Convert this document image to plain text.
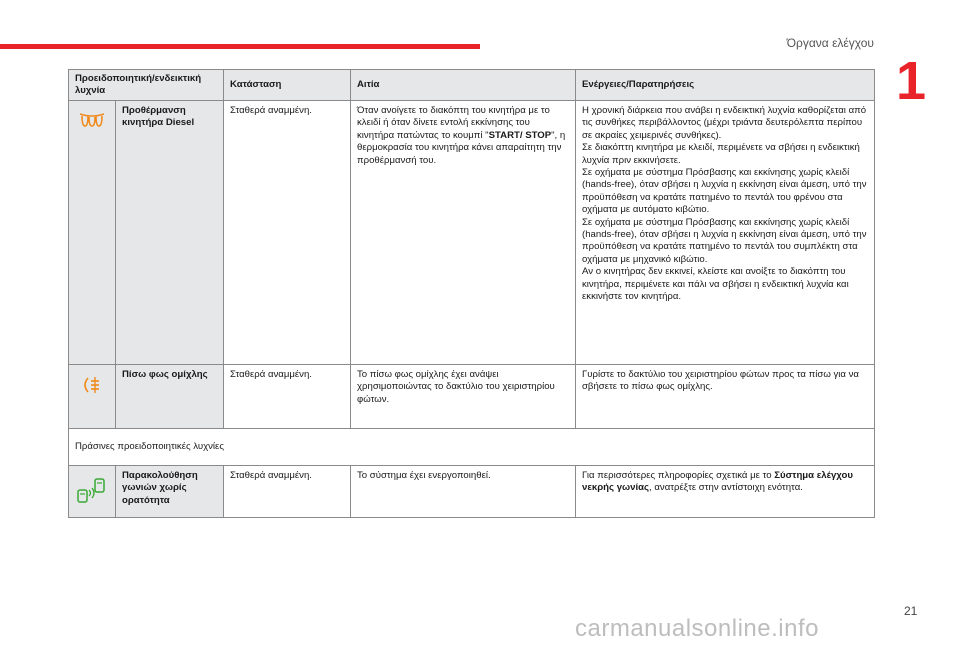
Όργανα ελέγχου
1
Προειδοποιητική/ενδεικτική λυχνία		Κατάσταση	Αιτία	Ενέργειες/Παρατηρήσεις
	Προθέρμανση κινητήρα Diesel	Σταθερά αναμμένη.	Όταν ανοίγετε το διακόπτη του κινητήρα με το κλειδί ή όταν δίνετε εντολή εκκίνησης του κινητήρα πατώντας το κουμπί "START/ STOP", η θερμοκρασία του κινητήρα κάνει απαραίτητη την προθέρμανσή του.	Η χρονική διάρκεια που ανάβει η ενδεικτική λυχνία καθορίζεται από τις συνθήκες περιβάλλοντος (μέχρι τριάντα δευτερόλεπτα περίπου σε ακραίες χειμερινές συνθήκες).
Σε διακόπτη κινητήρα με κλειδί, περιμένετε να σβήσει η ενδεικτική λυχνία πριν εκκινήσετε.
Σε οχήματα με σύστημα Πρόσβασης και εκκίνησης χωρίς κλειδί (hands-free), όταν σβήσει η λυχνία η εκκίνηση είναι άμεση, υπό την προϋπόθεση να κρατάτε πατημένο το πεντάλ του φρένου στα οχήματα με αυτόματο κιβώτιο.
Σε οχήματα με σύστημα Πρόσβασης και εκκίνησης χωρίς κλειδί (hands-free), όταν σβήσει η λυχνία η εκκίνηση είναι άμεση, υπό την προϋπόθεση να κρατάτε πατημένο το πεντάλ του συμπλέκτη στα οχήματα με μηχανικό κιβώτιο.
Αν ο κινητήρας δεν εκκινεί, κλείστε και ανοίξτε το διακόπτη του κινητήρα, περιμένετε και πάλι να σβήσει η ενδεικτική λυχνία και εκκινήστε τον κινητήρα.

	Πίσω φως ομίχλης	Σταθερά αναμμένη.	Το πίσω φως ομίχλης έχει ανάψει χρησιμοποιώντας το δακτύλιο του χειριστηρίου φώτων.	Γυρίστε το δακτύλιο του χειριστηρίου φώτων προς τα πίσω για να σβήσετε το πίσω φως ομίχλης.
Πράσινες προειδοποιητικές λυχνίες				
	Παρακολούθηση γωνιών χωρίς ορατότητα	Σταθερά αναμμένη.	Το σύστημα έχει ενεργοποιηθεί.	Για περισσότερες πληροφορίες σχετικά με το Σύστημα ελέγχου νεκρής γωνίας, ανατρέξτε στην αντίστοιχη ενότητα.
21
carmanualsonline.info
